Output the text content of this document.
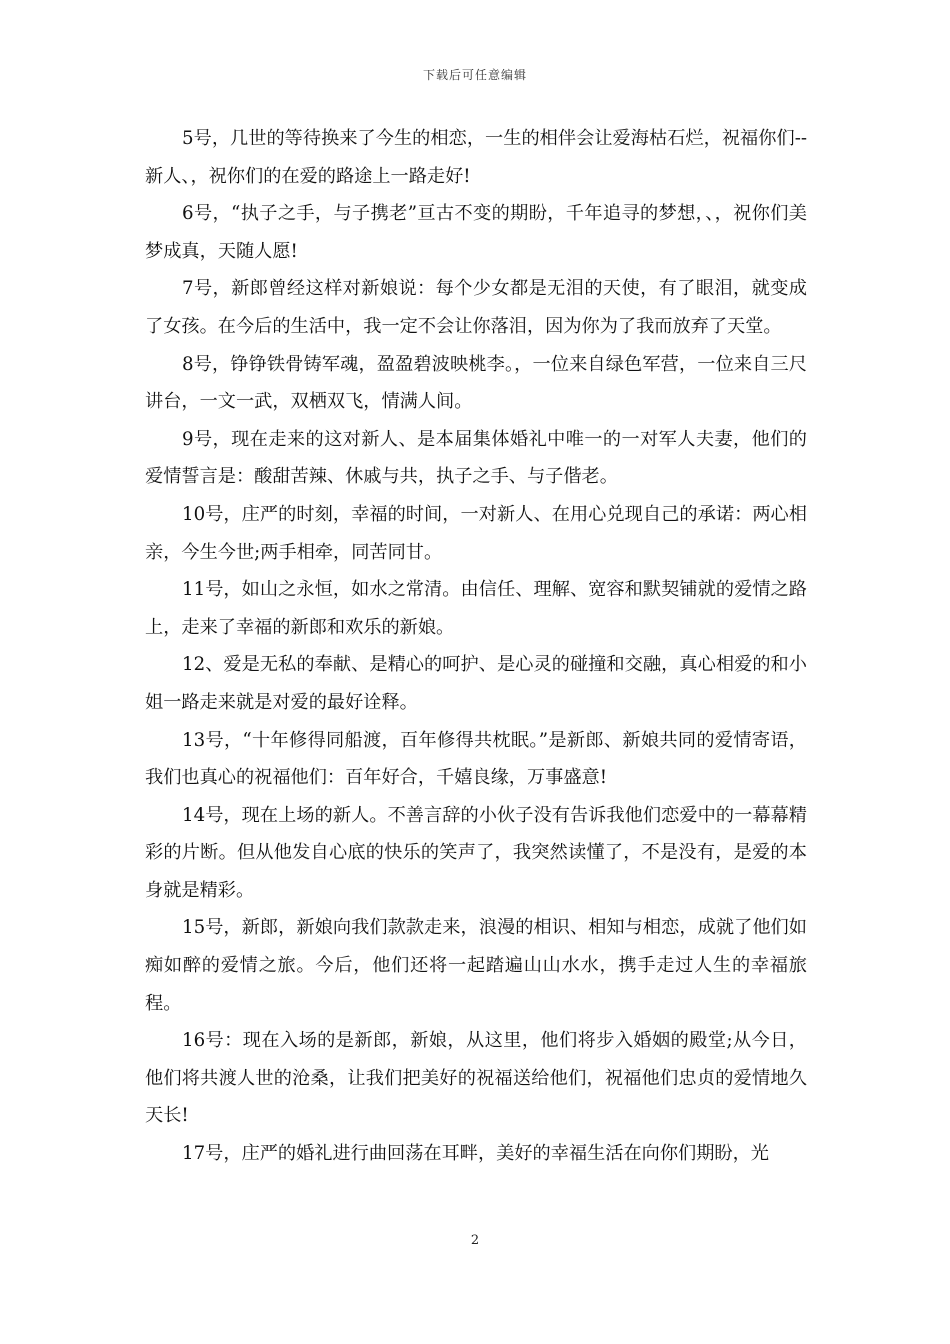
下载后可任意编辑

5号，几世的等待换来了今生的相恋，一生的相伴会让爱海枯石烂，祝福你们--新人、，祝你们的在爱的路途上一路走好!

6号，“执子之手，与子携老”亘古不变的期盼，千年追寻的梦想，、，祝你们美梦成真，天随人愿!

7号，新郎曾经这样对新娘说：每个少女都是无泪的天使，有了眼泪，就变成了女孩。在今后的生活中，我一定不会让你落泪，因为你为了我而放弃了天堂。

8号，铮铮铁骨铸军魂，盈盈碧波映桃李。，一位来自绿色军营，一位来自三尺讲台，一文一武，双栖双飞，情满人间。

9号，现在走来的这对新人、是本届集体婚礼中唯一的一对军人夫妻，他们的爱情誓言是：酸甜苦辣、休戚与共，执子之手、与子偕老。

10号，庄严的时刻，幸福的时间，一对新人、在用心兑现自己的承诺：两心相亲，今生今世;两手相牵，同苦同甘。

11号，如山之永恒，如水之常清。由信任、理解、宽容和默契铺就的爱情之路上，走来了幸福的新郎和欢乐的新娘。

12、爱是无私的奉献、是精心的呵护、是心灵的碰撞和交融，真心相爱的和小姐一路走来就是对爱的最好诠释。

13号，“十年修得同船渡，百年修得共枕眠。”是新郎、新娘共同的爱情寄语，我们也真心的祝福他们：百年好合，千嬉良缘，万事盛意!

14号，现在上场的新人。不善言辞的小伙子没有告诉我他们恋爱中的一幕幕精彩的片断。但从他发自心底的快乐的笑声了，我突然读懂了，不是没有，是爱的本身就是精彩。

15号，新郎，新娘向我们款款走来，浪漫的相识、相知与相恋，成就了他们如痴如醉的爱情之旅。今后，他们还将一起踏遍山山水水，携手走过人生的幸福旅程。

16号：现在入场的是新郎，新娘，从这里，他们将步入婚姻的殿堂;从今日，他们将共渡人世的沧桑，让我们把美好的祝福送给他们，祝福他们忠贞的爱情地久天长!

17号，庄严的婚礼进行曲回荡在耳畔，美好的幸福生活在向你们期盼，光

2
